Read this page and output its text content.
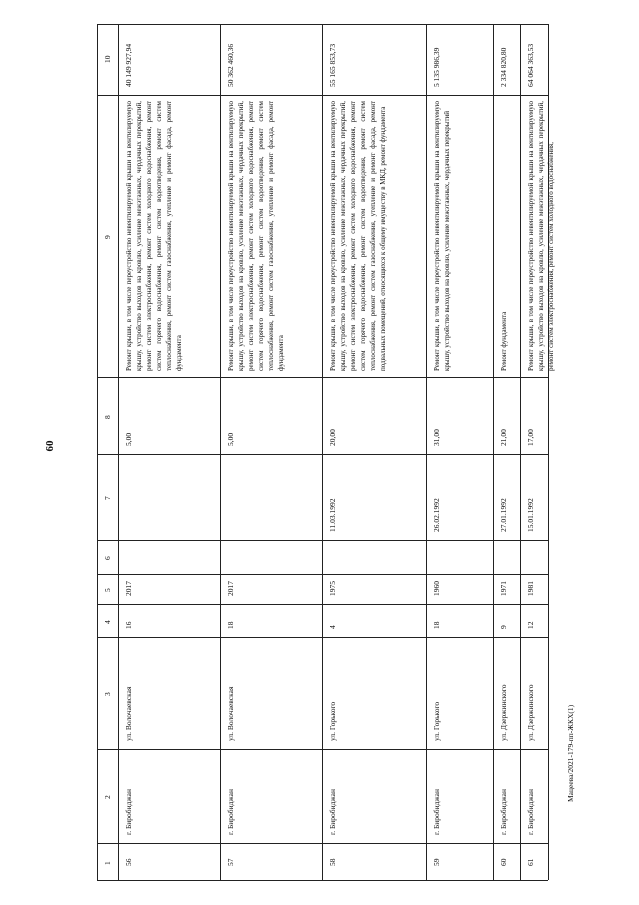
60
Мацеева/2021-179-пп-ЖКХ(1)
1
2
3
4
5
6
7
8
9
10
56
г. Биробиджан
ул. Волочаевская
16
2017
5,00
Ремонт крыши, в том числе переустройство невентилируемой крыши на вентилируемую крышу, устройство выходов на кровлю, усиление межэтажных, чердачных перекрытий, ремонт систем электроснабжения, ремонт систем холодного водоснабжения, ремонт систем горячего водоснабжения, ремонт систем водоотведения, ремонт систем теплоснабжения, ремонт систем газоснабжения, утепление и ремонт фасада, ремонт фундамента
40 149 927,94
57
г. Биробиджан
ул. Волочаевская
18
2017
5,00
Ремонт крыши, в том числе переустройство невентилируемой крыши на вентилируемую крышу, устройство выходов на кровлю, усиление межэтажных, чердачных перекрытий, ремонт систем электроснабжения, ремонт систем холодного водоснабжения, ремонт систем горячего водоснабжения, ремонт систем водоотведения, ремонт систем теплоснабжения, ремонт систем газоснабжения, утепление и ремонт фасада, ремонт фундамента
50 362 460,36
58
г. Биробиджан
ул. Горького
4
1975
11.03.1992
20,00
Ремонт крыши, в том числе переустройство невентилируемой крыши на вентилируемую крышу, устройство выходов на кровлю, усиление межэтажных, чердачных перекрытий, ремонт систем электроснабжения, ремонт систем холодного водоснабжения, ремонт систем горячего водоснабжения, ремонт систем водоотведения, ремонт систем теплоснабжения, ремонт систем газоснабжения, утепление и ремонт фасада, ремонт подвальных помещений, относящихся к общему имуществу в МКД, ремонт фундамента
55 165 853,73
59
г. Биробиджан
ул. Горького
18
1960
26.02.1992
31,00
Ремонт крыши, в том числе переустройство невентилируемой крыши на вентилируемую крышу, устройство выходов на кровлю, усиление межэтажных, чердачных перекрытий
5 135 986,39
60
г. Биробиджан
ул. Дзержинского
9
1971
27.01.1992
21,00
Ремонт фундамента
2 334 820,80
61
г. Биробиджан
ул. Дзержинского
12
1981
15.01.1992
17,00
Ремонт крыши, в том числе переустройство невентилируемой крыши на вентилируемую крышу, устройство выходов на кровлю, усиление межэтажных, чердачных перекрытий, ремонт систем электроснабжения, ремонт систем холодного водоснабжения,
64 064 363,53
